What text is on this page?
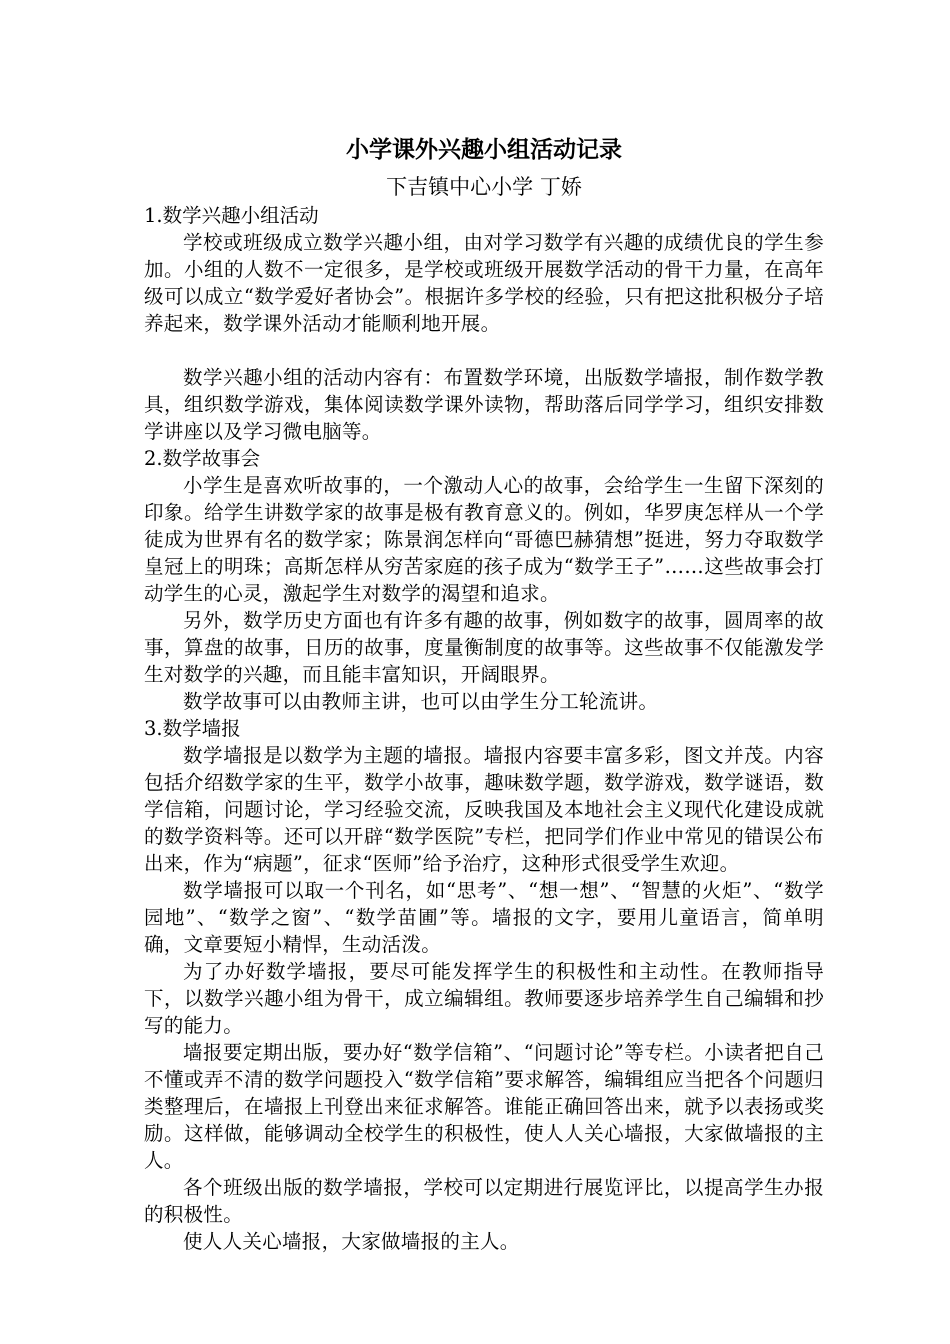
小学课外兴趣小组活动记录

下吉镇中心小学 丁娇

1.数学兴趣小组活动

学校或班级成立数学兴趣小组，由对学习数学有兴趣的成绩优良的学生参加。小组的人数不一定很多，是学校或班级开展数学活动的骨干力量，在高年级可以成立“数学爱好者协会”。根据许多学校的经验，只有把这批积极分子培养起来，数学课外活动才能顺利地开展。

数学兴趣小组的活动内容有：布置数学环境，出版数学墙报，制作数学教具，组织数学游戏，集体阅读数学课外读物，帮助落后同学学习，组织安排数学讲座以及学习微电脑等。

2.数学故事会

小学生是喜欢听故事的，一个激动人心的故事，会给学生一生留下深刻的印象。给学生讲数学家的故事是极有教育意义的。例如，华罗庚怎样从一个学徒成为世界有名的数学家；陈景润怎样向“哥德巴赫猜想”挺进，努力夺取数学皇冠上的明珠；高斯怎样从穷苦家庭的孩子成为“数学王子”……这些故事会打动学生的心灵，激起学生对数学的渴望和追求。

另外，数学历史方面也有许多有趣的故事，例如数字的故事，圆周率的故事，算盘的故事，日历的故事，度量衡制度的故事等。这些故事不仅能激发学生对数学的兴趣，而且能丰富知识，开阔眼界。

数学故事可以由教师主讲，也可以由学生分工轮流讲。

3.数学墙报

数学墙报是以数学为主题的墙报。墙报内容要丰富多彩，图文并茂。内容包括介绍数学家的生平，数学小故事，趣味数学题，数学游戏，数学谜语，数学信箱，问题讨论，学习经验交流，反映我国及本地社会主义现代化建设成就的数学资料等。还可以开辟“数学医院”专栏，把同学们作业中常见的错误公布出来，作为“病题”，征求“医师”给予治疗，这种形式很受学生欢迎。

数学墙报可以取一个刊名，如“思考”、“想一想”、“智慧的火炬”、“数学园地”、“数学之窗”、“数学苗圃”等。墙报的文字，要用儿童语言，简单明确，文章要短小精悍，生动活泼。

为了办好数学墙报，要尽可能发挥学生的积极性和主动性。在教师指导下，以数学兴趣小组为骨干，成立编辑组。教师要逐步培养学生自己编辑和抄写的能力。

墙报要定期出版，要办好“数学信箱”、“问题讨论”等专栏。小读者把自己不懂或弄不清的数学问题投入“数学信箱”要求解答，编辑组应当把各个问题归类整理后，在墙报上刊登出来征求解答。谁能正确回答出来，就予以表扬或奖励。这样做，能够调动全校学生的积极性，使人人关心墙报，大家做墙报的主人。

各个班级出版的数学墙报，学校可以定期进行展览评比，以提高学生办报的积极性。

使人人关心墙报，大家做墙报的主人。
